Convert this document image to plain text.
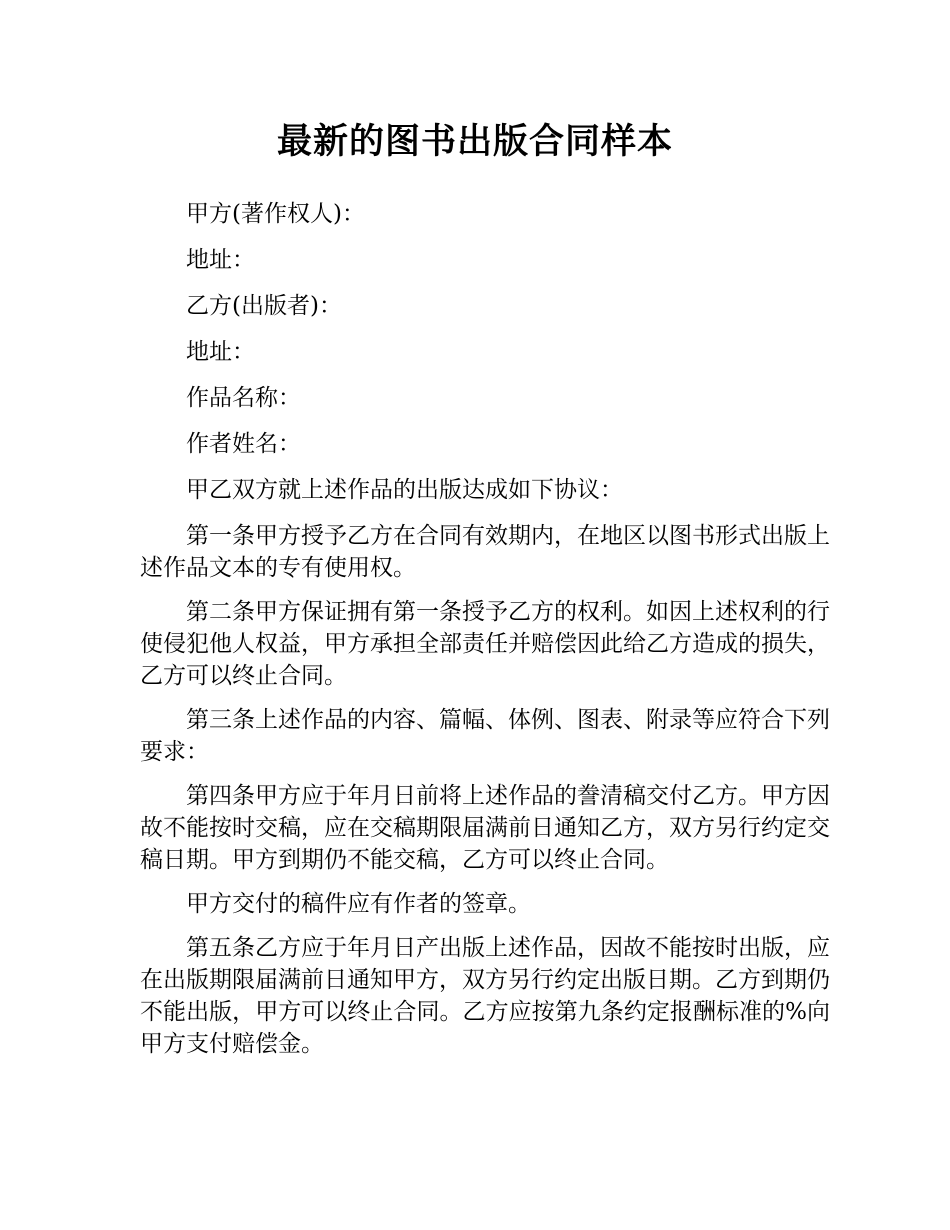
最新的图书出版合同样本

甲方(著作权人)：

地址：

乙方(出版者)：

地址：

作品名称：

作者姓名：

甲乙双方就上述作品的出版达成如下协议：

第一条甲方授予乙方在合同有效期内，在地区以图书形式出版上述作品文本的专有使用权。

第二条甲方保证拥有第一条授予乙方的权利。如因上述权利的行使侵犯他人权益，甲方承担全部责任并赔偿因此给乙方造成的损失，乙方可以终止合同。

第三条上述作品的内容、篇幅、体例、图表、附录等应符合下列要求：

第四条甲方应于年月日前将上述作品的誊清稿交付乙方。甲方因故不能按时交稿，应在交稿期限届满前日通知乙方，双方另行约定交稿日期。甲方到期仍不能交稿，乙方可以终止合同。

甲方交付的稿件应有作者的签章。

第五条乙方应于年月日产出版上述作品，因故不能按时出版，应在出版期限届满前日通知甲方，双方另行约定出版日期。乙方到期仍不能出版，甲方可以终止合同。乙方应按第九条约定报酬标准的%向甲方支付赔偿金。
